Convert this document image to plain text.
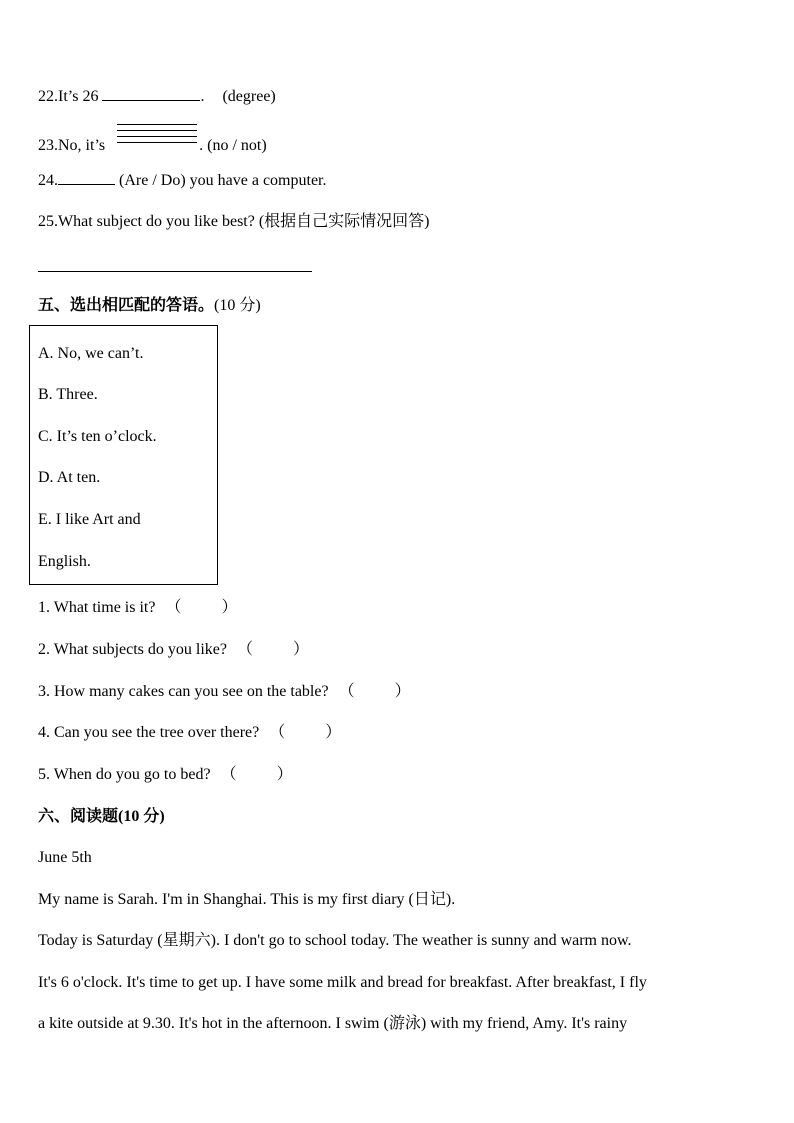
22.It’s 26	. (degree)
23.No, it’s	. (no / not)
24.	(Are / Do) you have a computer.
25.What subject do you like best? (根据自己实际情况回答)
五、选出相匹配的答语。(10 分)
A. No, we can’t.
B. Three.
C. It’s ten o’clock.
D. At ten.
E. I like Art and
English.
1. What time is it? （	）
2. What subjects do you like? （	）
3. How many cakes can you see on the table? （	）
4. Can you see the tree over there? （	）
5. When do you go to bed? （	）
六、阅读题(10 分)
June 5th
My name is Sarah. I'm in Shanghai. This is my first diary (日记).
Today is Saturday (星期六). I don't go to school today. The weather is sunny and warm now.
It's 6 o'clock. It's time to get up. I have some milk and bread for breakfast. After breakfast, I fly
a kite outside at 9.30. It's hot in the afternoon. I swim (游泳) with my friend, Amy. It's rainy
